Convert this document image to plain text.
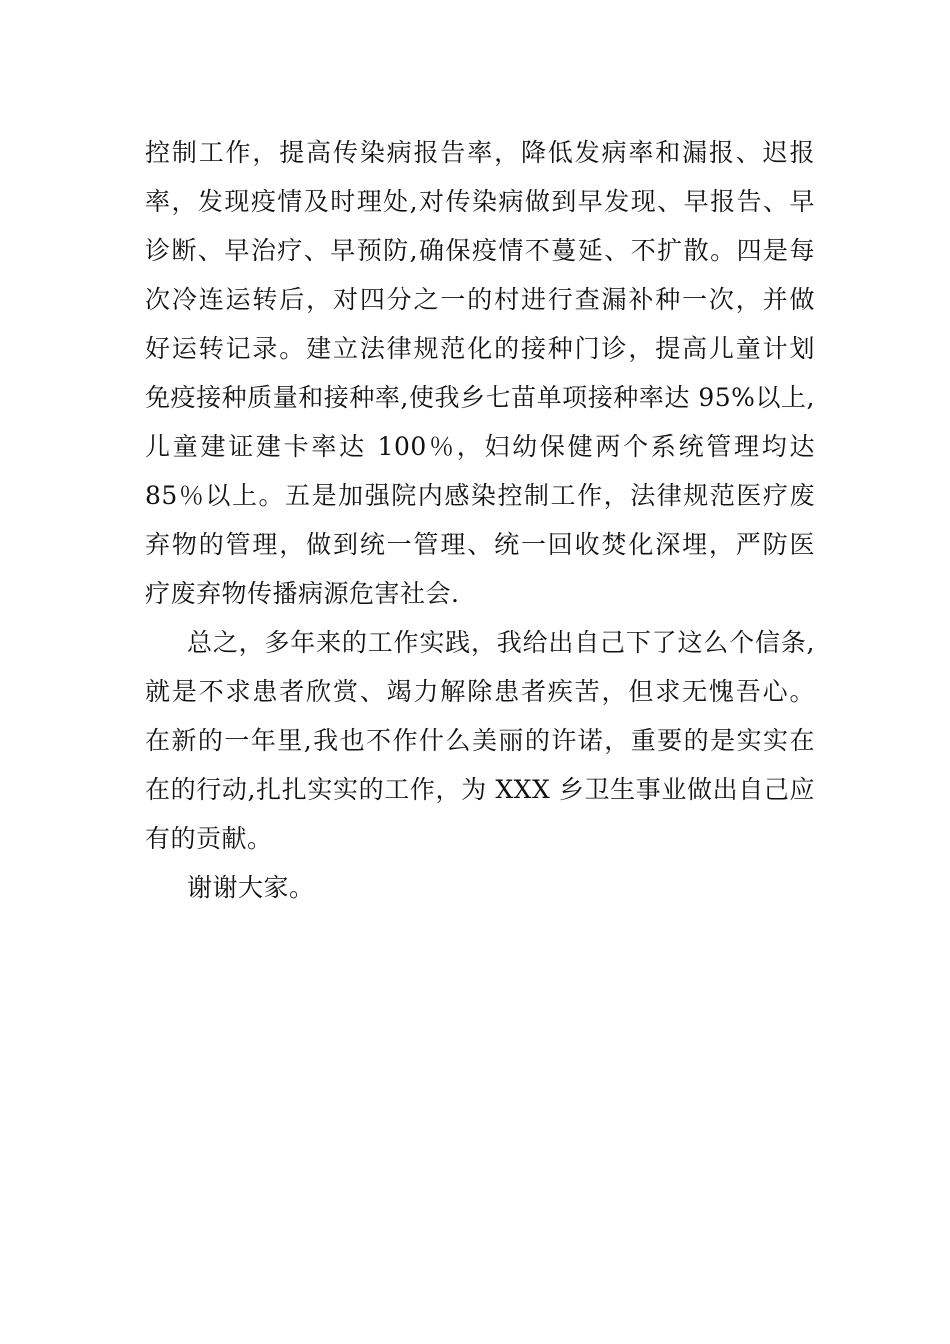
控制工作，提高传染病报告率，降低发病率和漏报、迟报
率，发现疫情及时理处,对传染病做到早发现、早报告、早
诊断、早治疗、早预防,确保疫情不蔓延、不扩散。四是每
次冷连运转后，对四分之一的村进行查漏补种一次，并做
好运转记录。建立法律规范化的接种门诊，提高儿童计划
免疫接种质量和接种率,使我乡七苗单项接种率达 95%以上,
儿童建证建卡率达 100％，妇幼保健两个系统管理均达
85％以上。五是加强院内感染控制工作，法律规范医疗废
弃物的管理，做到统一管理、统一回收焚化深埋，严防医
疗废弃物传播病源危害社会.
总之，多年来的工作实践，我给出自己下了这么个信条,
就是不求患者欣赏、竭力解除患者疾苦，但求无愧吾心。
在新的一年里,我也不作什么美丽的许诺，重要的是实实在
在的行动,扎扎实实的工作，为 XXX 乡卫生事业做出自己应
有的贡献。
谢谢大家。
